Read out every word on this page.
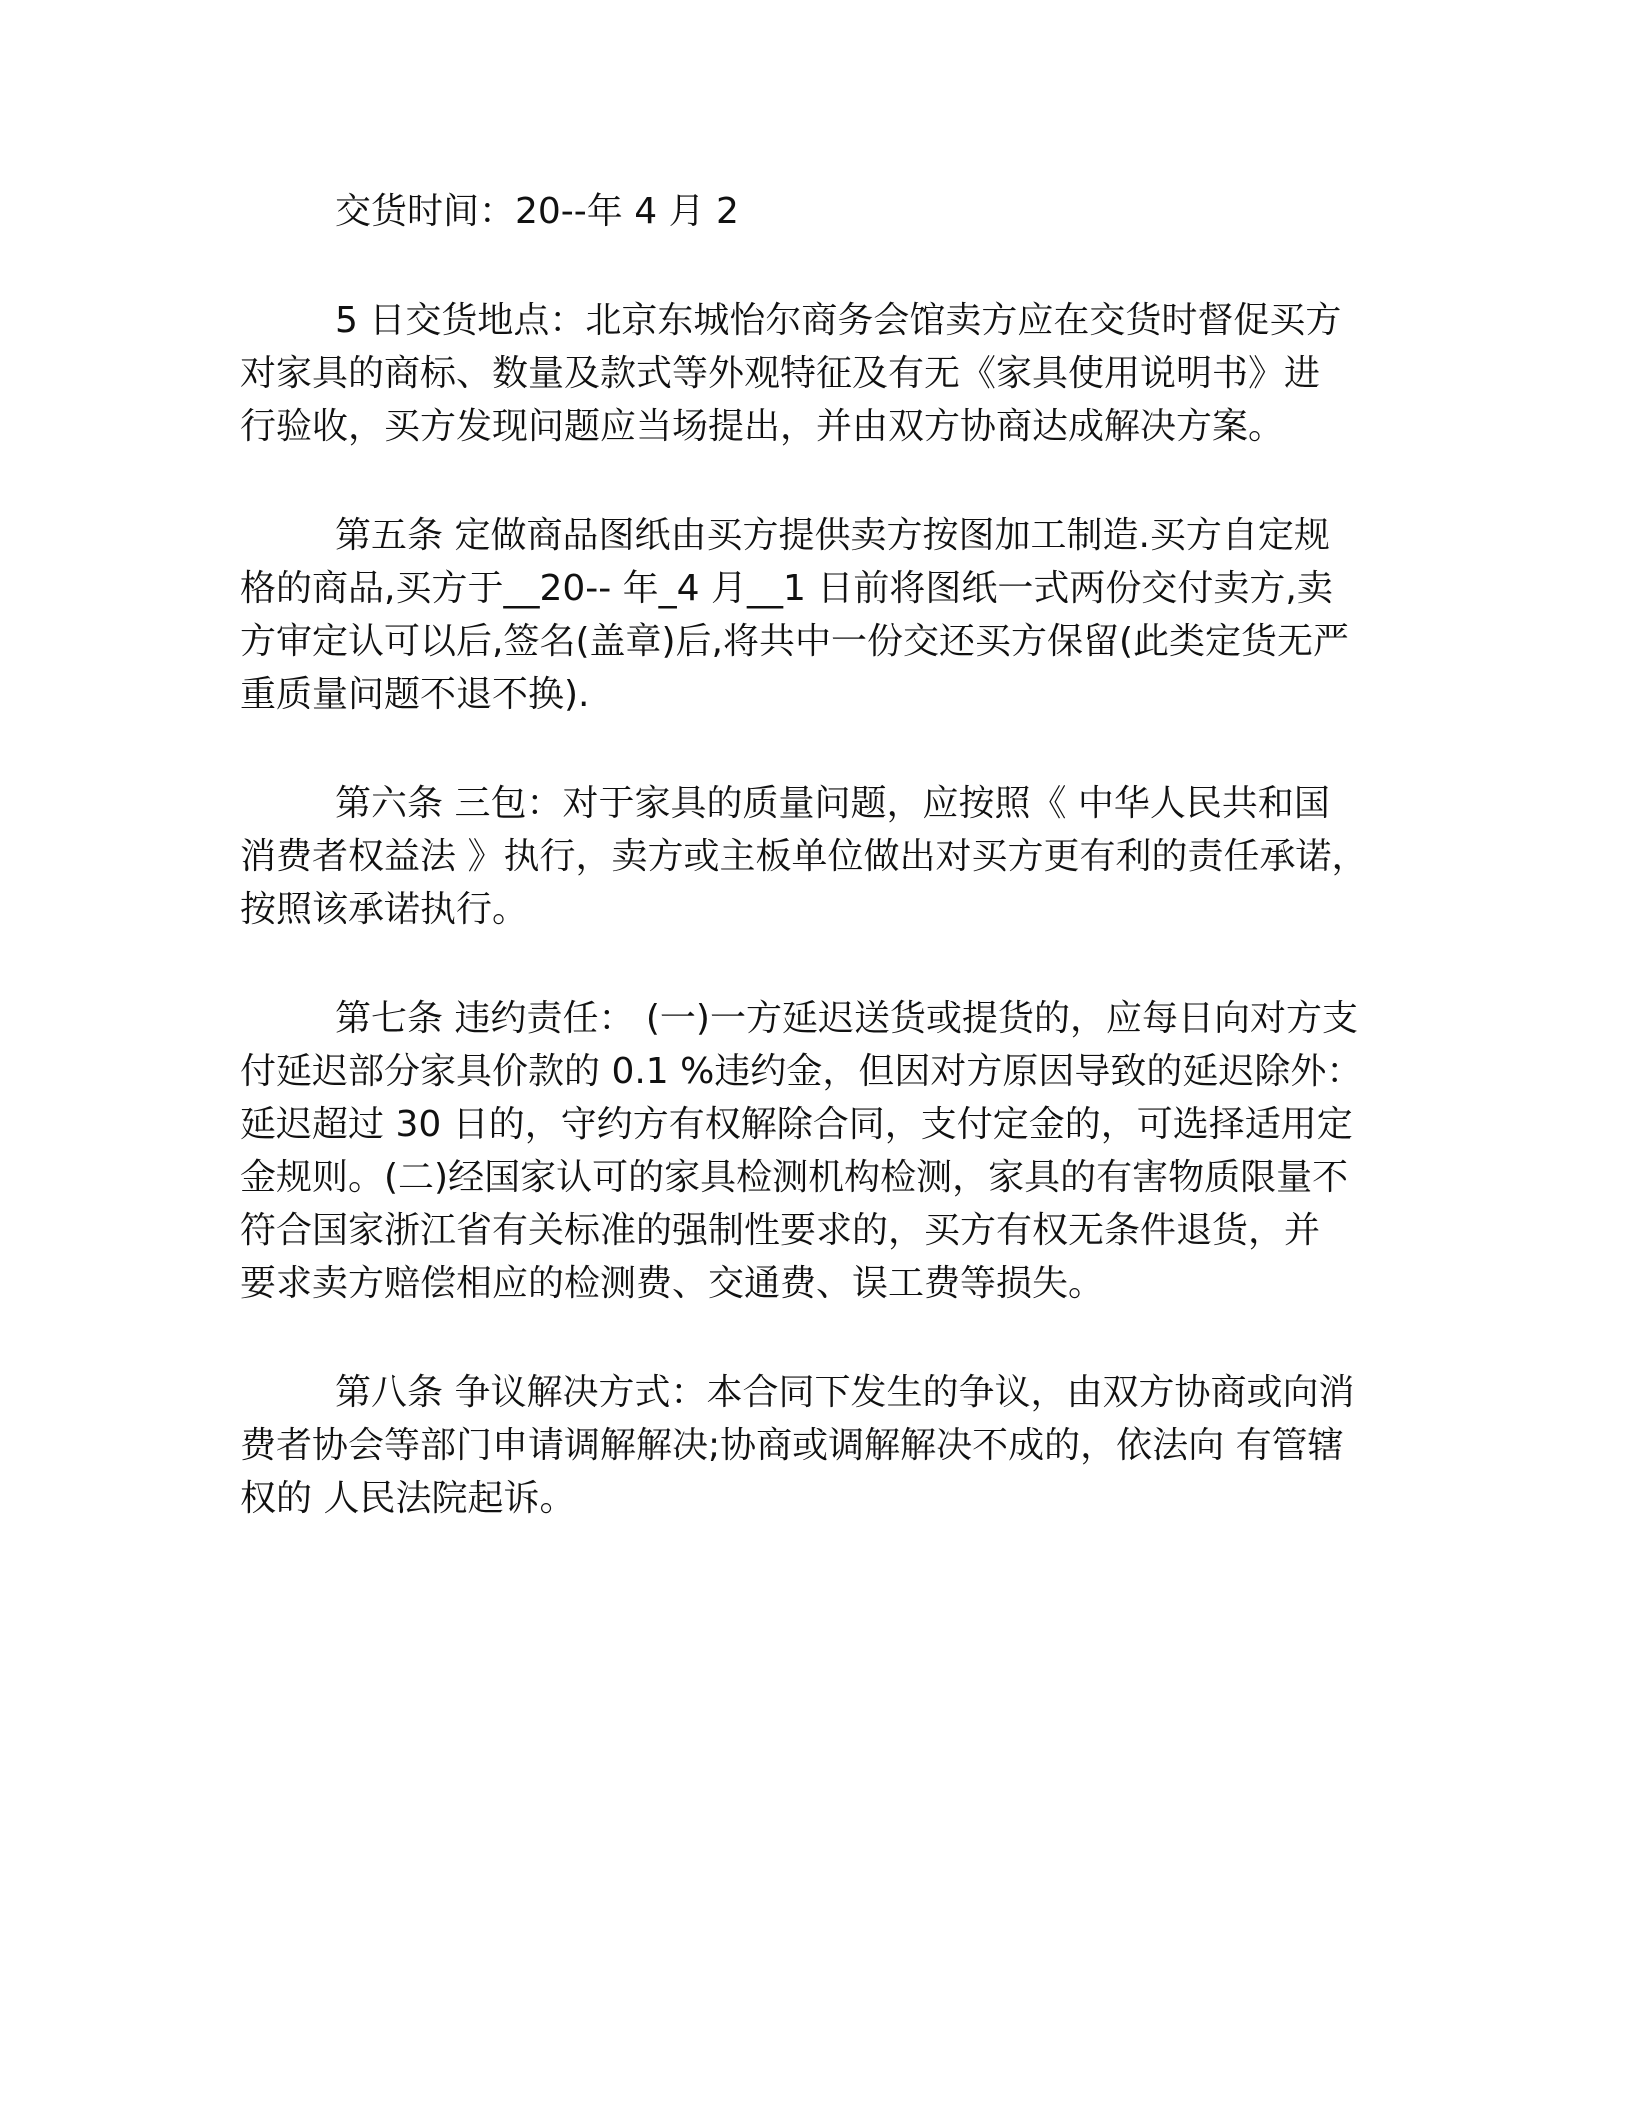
交货时间：20--年 4 月 2
5 日交货地点：北京东城怡尔商务会馆卖方应在交货时督促买方
对家具的商标、数量及款式等外观特征及有无《家具使用说明书》进
行验收，买方发现问题应当场提出，并由双方协商达成解决方案。
第五条 定做商品图纸由买方提供卖方按图加工制造.买方自定规
格的商品,买方于__20-- 年_4 月__1 日前将图纸一式两份交付卖方,卖
方审定认可以后,签名(盖章)后,将共中一份交还买方保留(此类定货无严
重质量问题不退不换).
第六条 三包：对于家具的质量问题，应按照《 中华人民共和国
消费者权益法 》执行，卖方或主板单位做出对买方更有利的责任承诺，
按照该承诺执行。
第七条 违约责任： (一)一方延迟送货或提货的，应每日向对方支
付延迟部分家具价款的 0.1 %违约金，但因对方原因导致的延迟除外：
延迟超过 30 日的，守约方有权解除合同，支付定金的，可选择适用定
金规则。(二)经国家认可的家具检测机构检测，家具的有害物质限量不
符合国家浙江省有关标准的强制性要求的，买方有权无条件退货，并
要求卖方赔偿相应的检测费、交通费、误工费等损失。
第八条 争议解决方式：本合同下发生的争议，由双方协商或向消
费者协会等部门申请调解解决;协商或调解解决不成的，依法向 有管辖
权的 人民法院起诉。
